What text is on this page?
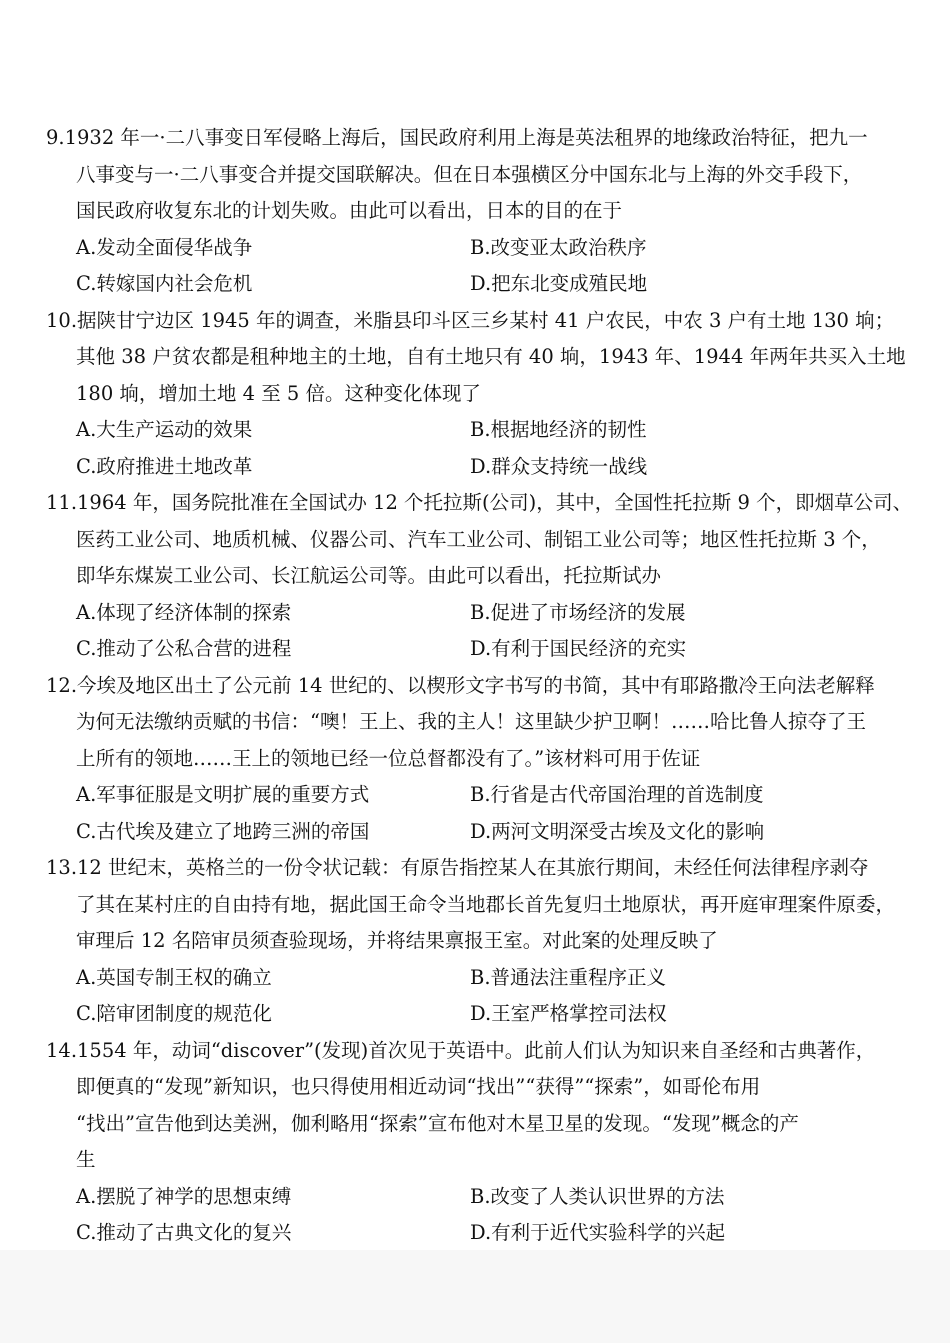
9.1932 年一·二八事变日军侵略上海后，国民政府利用上海是英法租界的地缘政治特征，把九一

八事变与一·二八事变合并提交国联解决。但在日本强横区分中国东北与上海的外交手段下，

国民政府收复东北的计划失败。由此可以看出，日本的目的在于

A.发动全面侵华战争	B.改变亚太政治秩序
C.转嫁国内社会危机	D.把东北变成殖民地

10.据陕甘宁边区 1945 年的调查，米脂县印斗区三乡某村 41 户农民，中农 3 户有土地 130 垧；

其他 38 户贫农都是租种地主的土地，自有土地只有 40 垧，1943 年、1944 年两年共买入土地

180 垧，增加土地 4 至 5 倍。这种变化体现了

A.大生产运动的效果	B.根据地经济的韧性
C.政府推进土地改革	D.群众支持统一战线

11.1964 年，国务院批准在全国试办 12 个托拉斯(公司)，其中，全国性托拉斯 9 个，即烟草公司、

医药工业公司、地质机械、仪器公司、汽车工业公司、制铝工业公司等；地区性托拉斯 3 个，

即华东煤炭工业公司、长江航运公司等。由此可以看出，托拉斯试办

A.体现了经济体制的探索	B.促进了市场经济的发展
C.推动了公私合营的进程	D.有利于国民经济的充实

12.今埃及地区出土了公元前 14 世纪的、以楔形文字书写的书简，其中有耶路撒冷王向法老解释

为何无法缴纳贡赋的书信：“噢！王上、我的主人！这里缺少护卫啊！……哈比鲁人掠夺了王

上所有的领地……王上的领地已经一位总督都没有了。”该材料可用于佐证

A.军事征服是文明扩展的重要方式	B.行省是古代帝国治理的首选制度
C.古代埃及建立了地跨三洲的帝国	D.两河文明深受古埃及文化的影响

13.12 世纪末，英格兰的一份令状记载：有原告指控某人在其旅行期间，未经任何法律程序剥夺

了其在某村庄的自由持有地，据此国王命令当地郡长首先复归土地原状，再开庭审理案件原委，

审理后 12 名陪审员须查验现场，并将结果禀报王室。对此案的处理反映了

A.英国专制王权的确立	B.普通法注重程序正义
C.陪审团制度的规范化	D.王室严格掌控司法权

14.1554 年，动词“discover”(发现)首次见于英语中。此前人们认为知识来自圣经和古典著作，

即便真的“发现”新知识，也只得使用相近动词“找出”“获得”“探索”，如哥伦布用

“找出”宣告他到达美洲，伽利略用“探索”宣布他对木星卫星的发现。“发现”概念的产

生

A.摆脱了神学的思想束缚	B.改变了人类认识世界的方法
C.推动了古典文化的复兴	D.有利于近代实验科学的兴起
